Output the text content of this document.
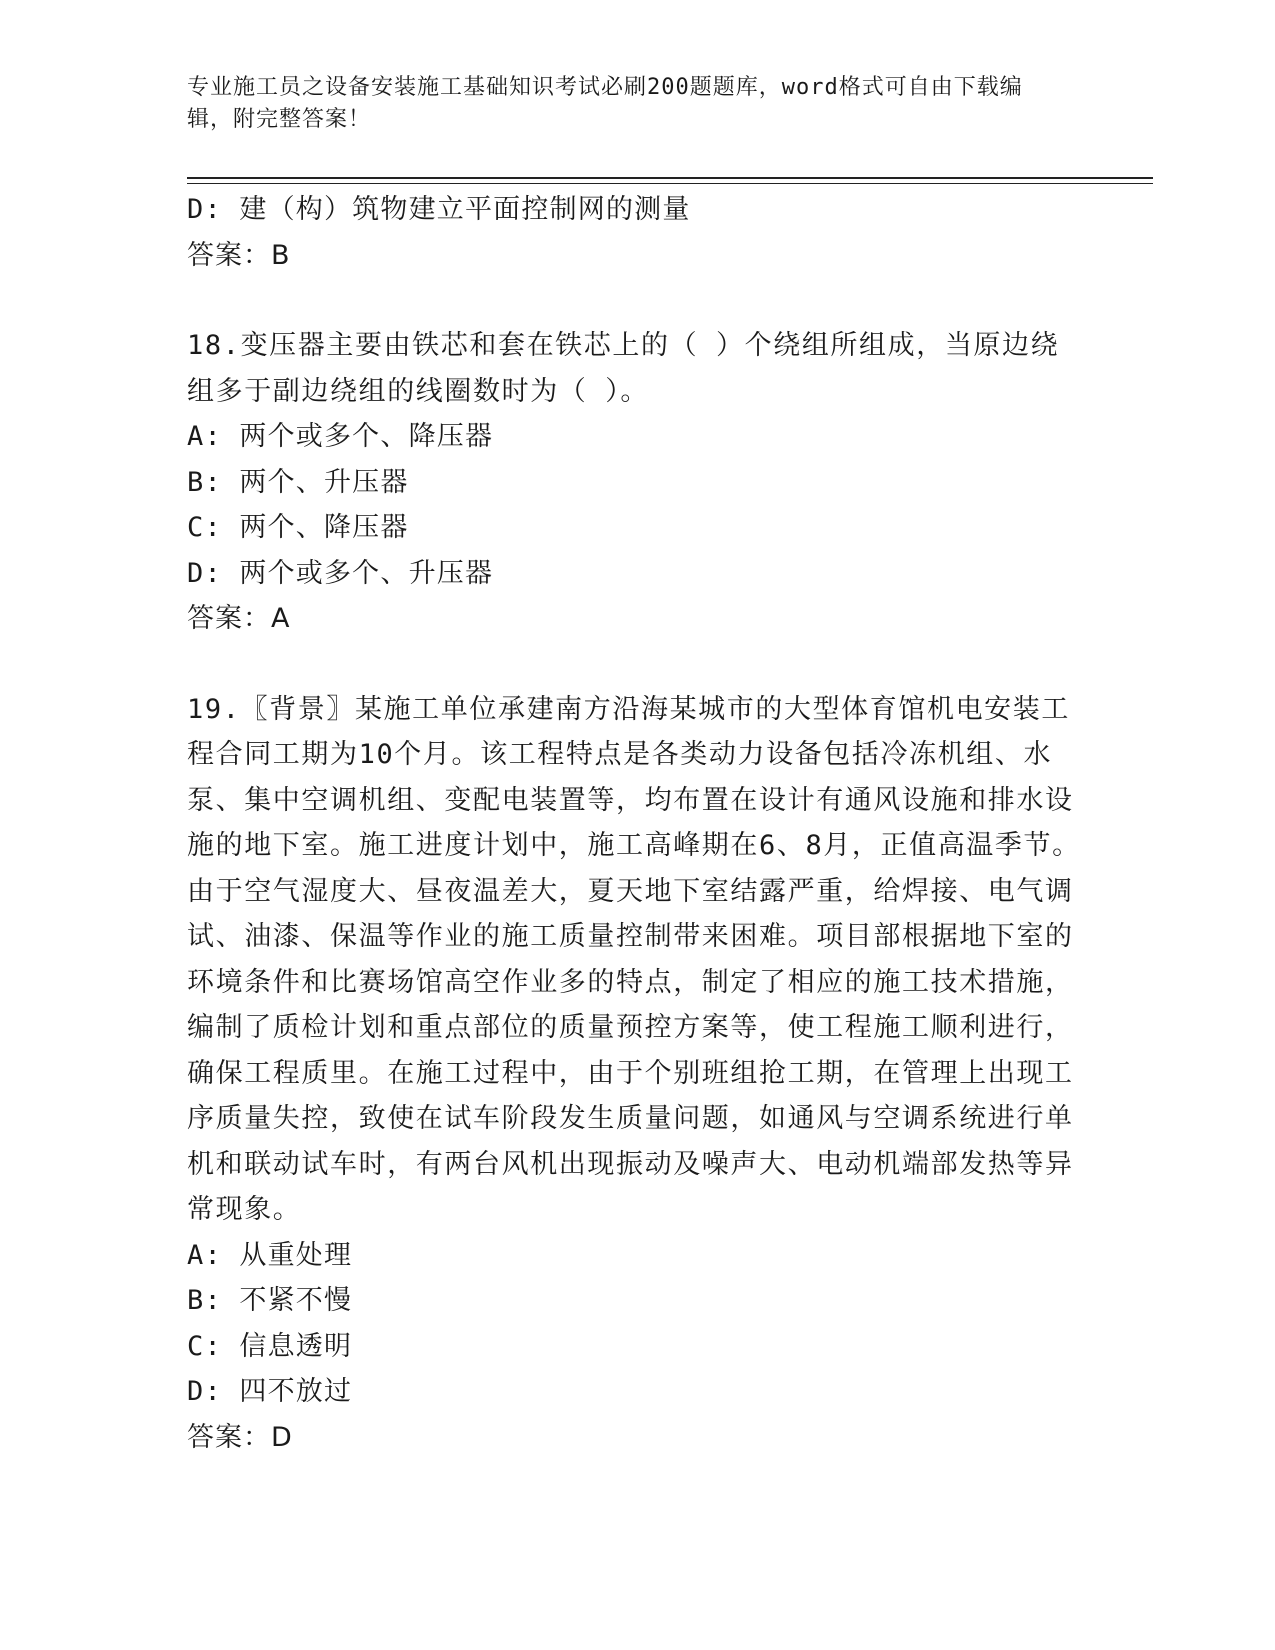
专业施工员之设备安装施工基础知识考试必刷200题题库，word格式可自由下载编辑，附完整答案！

D: 建（构）筑物建立平面控制网的测量

答案：B

18.变压器主要由铁芯和套在铁芯上的（ ）个绕组所组成，当原边绕组多于副边绕组的线圈数时为（ ）。

A: 两个或多个、降压器

B: 两个、升压器

C: 两个、降压器

D: 两个或多个、升压器

答案：A

19.〖背景〗某施工单位承建南方沿海某城市的大型体育馆机电安装工程合同工期为10个月。该工程特点是各类动力设备包括冷冻机组、水泵、集中空调机组、变配电装置等，均布置在设计有通风设施和排水设施的地下室。施工进度计划中，施工高峰期在6、8月，正值高温季节。由于空气湿度大、昼夜温差大，夏天地下室结露严重，给焊接、电气调试、油漆、保温等作业的施工质量控制带来困难。项目部根据地下室的环境条件和比赛场馆高空作业多的特点，制定了相应的施工技术措施，编制了质检计划和重点部位的质量预控方案等，使工程施工顺利进行，确保工程质里。在施工过程中，由于个别班组抢工期，在管理上出现工序质量失控，致使在试车阶段发生质量问题，如通风与空调系统进行单机和联动试车时，有两台风机出现振动及噪声大、电动机端部发热等异常现象。

A: 从重处理

B: 不紧不慢

C: 信息透明

D: 四不放过

答案：D
